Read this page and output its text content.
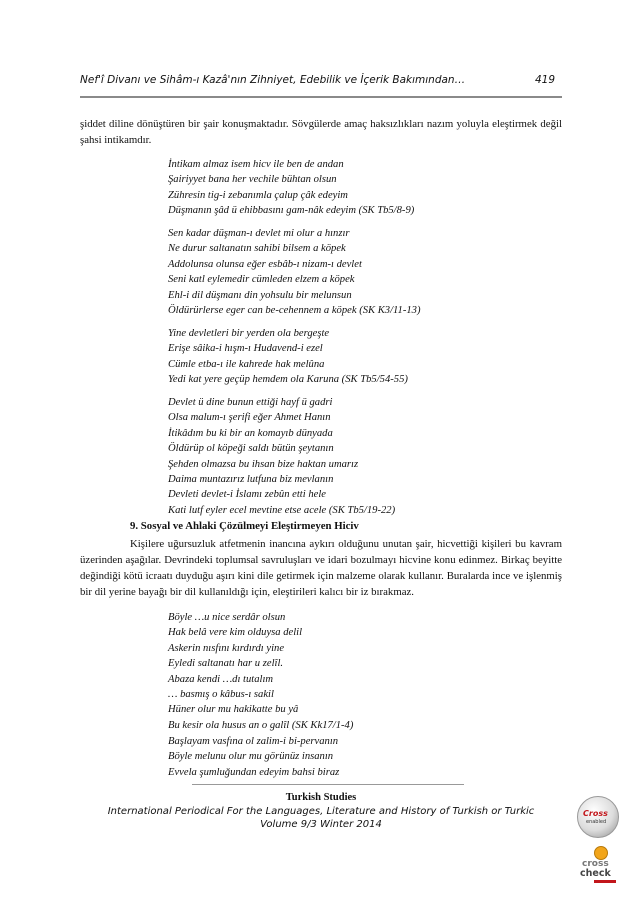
Nef'î Divanı ve Sihâm-ı Kazâ'nın Zihniyet, Edebilik ve İçerik Bakımından…	419
şiddet diline dönüştüren bir şair konuşmaktadır. Sövgülerde amaç haksızlıkları nazım yoluyla eleştirmek değil şahsi intikamdır.
İntikam almaz isem hicv ile ben de andan
Şairiyyet bana her vechile bühtan olsun
Zühresin tig-i zebanımla çalup çâk edeyim
Düşmanın şâd ü ehibbasını gam-nâk edeyim (SK Tb5/8-9)
Sen kadar düşman-ı devlet mi olur a hınzır
Ne durur saltanatın sahibi bilsem a köpek
Addolunsa olunsa eğer esbâb-ı nizam-ı devlet
Seni katl eylemedir cümleden elzem a köpek
Ehl-i dil düşmanı din yohsulu bir melunsun
Öldürürlerse eger can be-cehennem a köpek (SK K3/11-13)
Yine devletleri bir yerden ola bergeşte
Erişe sâika-i hışm-ı Hudavend-i ezel
Cümle etba-ı ile kahrede hak melûna
Yedi kat yere geçüp hemdem ola Karuna (SK Tb5/54-55)
Devlet ü dine bunun ettiği hayf ü gadri
Olsa malum-ı şerifi eğer Ahmet Hanın
İtikâdım bu ki bir an komayıb dünyada
Öldürüp ol köpeği saldı bütün şeytanın
Şehden olmazsa bu ihsan bize haktan umarız
Daima muntazırız lutfuna biz mevlanın
Devleti devlet-i İslamı zebûn etti hele
Kati lutf eyler ecel mevtine etse acele (SK Tb5/19-22)
9. Sosyal ve Ahlaki Çözülmeyi Eleştirmeyen Hiciv
Kişilere uğursuzluk atfetmenin inancına aykırı olduğunu unutan şair, hicvettiği kişileri bu kavram üzerinden aşağılar. Devrindeki toplumsal savruluşları ve idari bozulmayı hicvine konu edinmez. Birkaç beyitte değindiği kötü icraatı duyduğu aşırı kini dile getirmek için malzeme olarak kullanır. Buralarda ince ve işlenmiş bir dil yerine bayağı bir dil kullanıldığı için, eleştirileri kalıcı bir iz bırakmaz.
Böyle …u nice serdâr olsun
Hak belâ vere kim olduysa delil
Askerin nısfını kırdırdı yine
Eyledi saltanatı har u zelîl.
Abaza kendi …dı tutalım
… basmış o kâbus-ı sakil
Hüner olur mu hakikatte bu yâ
Bu kesir ola husus an o galîl (SK Kk17/1-4)
Başlayam vasfına ol zalim-i bi-pervanın
Böyle melunu olur mu görünüz insanın
Evvela şumluğundan edeyim bahsi biraz
Turkish Studies
International Periodical For the Languages, Literature and History of Turkish or Turkic
Volume 9/3 Winter 2014
Cross
enabled
cross
check
